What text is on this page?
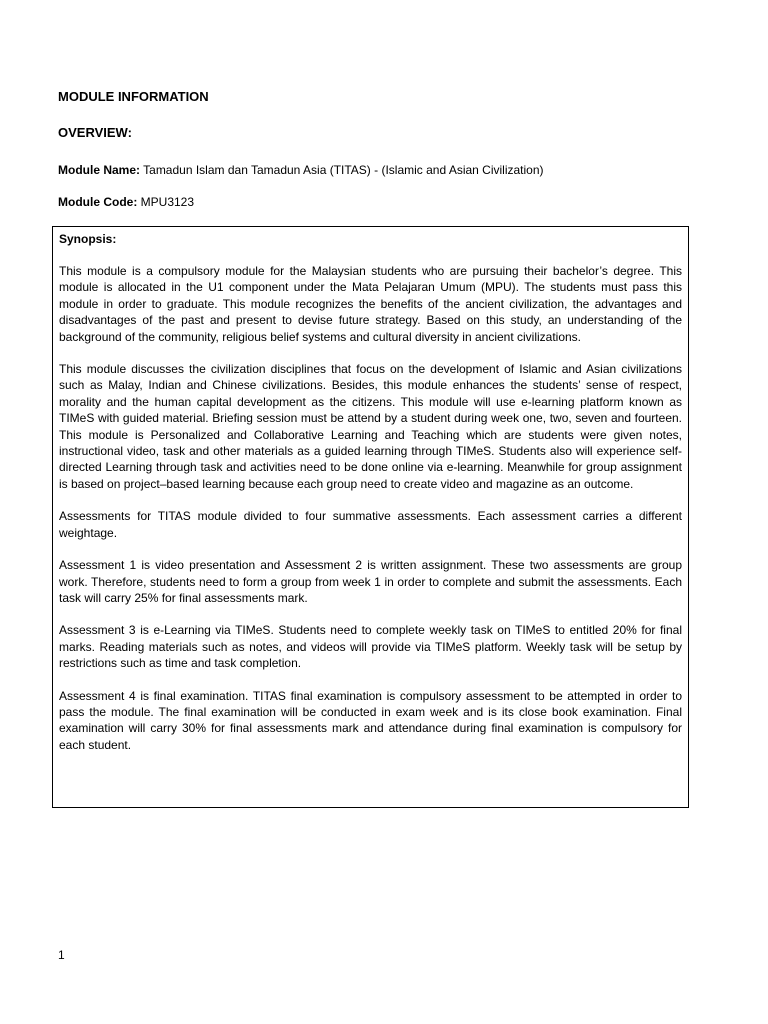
MODULE INFORMATION

OVERVIEW:

Module Name: Tamadun Islam dan Tamadun Asia (TITAS) - (Islamic and Asian Civilization)

Module Code: MPU3123

Synopsis:

This module is a compulsory module for the Malaysian students who are pursuing their bachelor’s degree. This module is allocated in the U1 component under the Mata Pelajaran Umum (MPU). The students must pass this module in order to graduate. This module recognizes the benefits of the ancient civilization, the advantages and disadvantages of the past and present to devise future strategy. Based on this study, an understanding of the background of the community, religious belief systems and cultural diversity in ancient civilizations.

This module discusses the civilization disciplines that focus on the development of Islamic and Asian civilizations such as Malay, Indian and Chinese civilizations. Besides, this module enhances the students’ sense of respect, morality and the human capital development as the citizens. This module will use e-learning platform known as TIMeS with guided material. Briefing session must be attend by a student during week one, two, seven and fourteen. This module is Personalized and Collaborative Learning and Teaching which are students were given notes, instructional video, task and other materials as a guided learning through TIMeS. Students also will experience self-directed Learning through task and activities need to be done online via e-learning. Meanwhile for group assignment is based on project–based learning because each group need to create video and magazine as an outcome.

Assessments for TITAS module divided to four summative assessments. Each assessment carries a different weightage.

Assessment 1 is video presentation and Assessment 2 is written assignment. These two assessments are group work. Therefore, students need to form a group from week 1 in order to complete and submit the assessments. Each task will carry 25% for final assessments mark.

Assessment 3 is e-Learning via TIMeS. Students need to complete weekly task on TIMeS to entitled 20% for final marks. Reading materials such as notes, and videos will provide via TIMeS platform. Weekly task will be setup by restrictions such as time and task completion.

Assessment 4 is final examination. TITAS final examination is compulsory assessment to be attempted in order to pass the module. The final examination will be conducted in exam week and is its close book examination. Final examination will carry 30% for final assessments mark and attendance during final examination is compulsory for each student.

1
